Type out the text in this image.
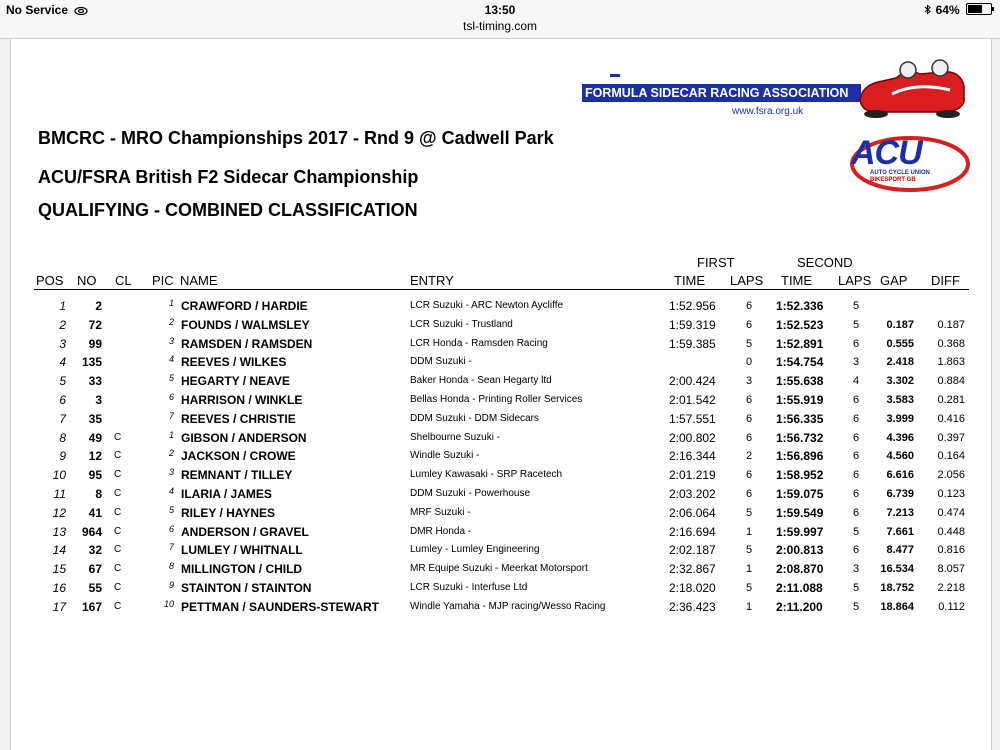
No Service	13:50	64%
tsl-timing.com
FORMULA SIDECAR RACING ASSOCIATION
www.fsra.org.uk
ACU
AUTO CYCLE UNION
BIKESPORT GB
BMCRC - MRO Championships 2017 - Rnd 9 @ Cadwell Park
ACU/FSRA British F2 Sidecar Championship
QUALIFYING - COMBINED CLASSIFICATION
POS NO CL PIC NAME	ENTRY
FIRST	SECOND
TIME LAPS TIME LAPS GAP DIFF
1	2	1 CRAWFORD / HARDIE	LCR Suzuki - ARC Newton Aycliffe	1:52.956	6 1:52.336	5
2	72	2 FOUNDS / WALMSLEY	LCR Suzuki - Trustland	1:59.319	6 1:52.523	5	0.187	0.187
3	99	3 RAMSDEN / RAMSDEN	LCR Honda - Ramsden Racing	1:59.385	5 1:52.891	6	0.555	0.368
4	135	4 REEVES / WILKES	DDM Suzuki -	0 1:54.754	3	2.418	1.863
5	33	5 HEGARTY / NEAVE	Baker Honda - Sean Hegarty ltd	2:00.424	3 1:55.638	4	3.302	0.884
6	3	6 HARRISON / WINKLE	Bellas Honda - Printing Roller Services	2:01.542	6 1:55.919	6	3.583	0.281
7	35	7 REEVES / CHRISTIE	DDM Suzuki - DDM Sidecars	1:57.551	6 1:56.335	6	3.999	0.416
8	49 C	1 GIBSON / ANDERSON	Shelbourne Suzuki -	2:00.802	6 1:56.732	6	4.396	0.397
9	12 C	2 JACKSON / CROWE	Windle Suzuki -	2:16.344	2 1:56.896	6	4.560	0.164
10	95 C	3 REMNANT / TILLEY	Lumley Kawasaki - SRP Racetech	2:01.219	6 1:58.952	6	6.616	2.056
11	8 C	4 ILARIA / JAMES	DDM Suzuki - Powerhouse	2:03.202	6 1:59.075	6	6.739	0.123
12	41 C	5 RILEY / HAYNES	MRF Suzuki -	2:06.064	5 1:59.549	6	7.213	0.474
13	964 C	6 ANDERSON / GRAVEL	DMR Honda -	2:16.694	1 1:59.997	5	7.661	0.448
14	32 C	7 LUMLEY / WHITNALL	Lumley - Lumley Engineering	2:02.187	5 2:00.813	6	8.477	0.816
15	67 C	8 MILLINGTON / CHILD	MR Equipe Suzuki - Meerkat Motorsport	2:32.867	1 2:08.870	3	16.534	8.057
16	55 C	9 STAINTON / STAINTON	LCR Suzuki - Interfuse Ltd	2:18.020	5 2:11.088	5	18.752	2.218
17	167 C	10 PETTMAN / SAUNDERS-STEWART	Windle Yamaha - MJP racing/Wesso Racing	2:36.423	1 2:11.200	5	18.864	0.112
